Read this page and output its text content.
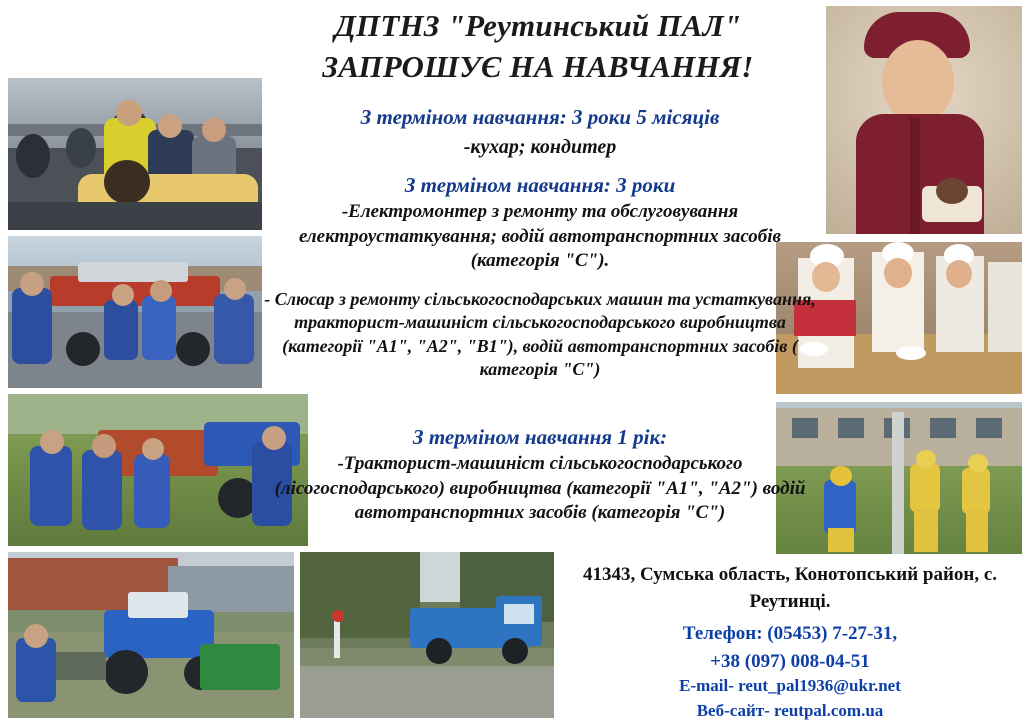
ДПТНЗ "Реутинський ПАЛ"
ЗАПРОШУЄ НА НАВЧАННЯ!
З терміном навчання: 3 роки 5 місяців
-кухар; кондитер
З терміном навчання: 3 роки
-Електромонтер з ремонту та обслуговування електроустаткування; водій автотранспортних засобів (категорія "С").
- Слюсар з ремонту сільськогосподарських машин та устаткування, тракторист-машиніст сільськогосподарського виробництва (категорії "А1", "А2", "В1"), водій автотранспортних засобів ( категорія "С")
З терміном навчання 1 рік:
-Тракторист-машиніст сільськогосподарського (лісогосподарського) виробництва (категорії "А1", "А2") водій автотранспортних засобів (категорія "С")
41343, Сумська область, Конотопський район, с. Реутинці.
Телефон: (05453) 7-27-31,
+38 (097) 008-04-51
E-mail- reut_pal1936@ukr.net
Веб-сайт- reutpal.com.ua
